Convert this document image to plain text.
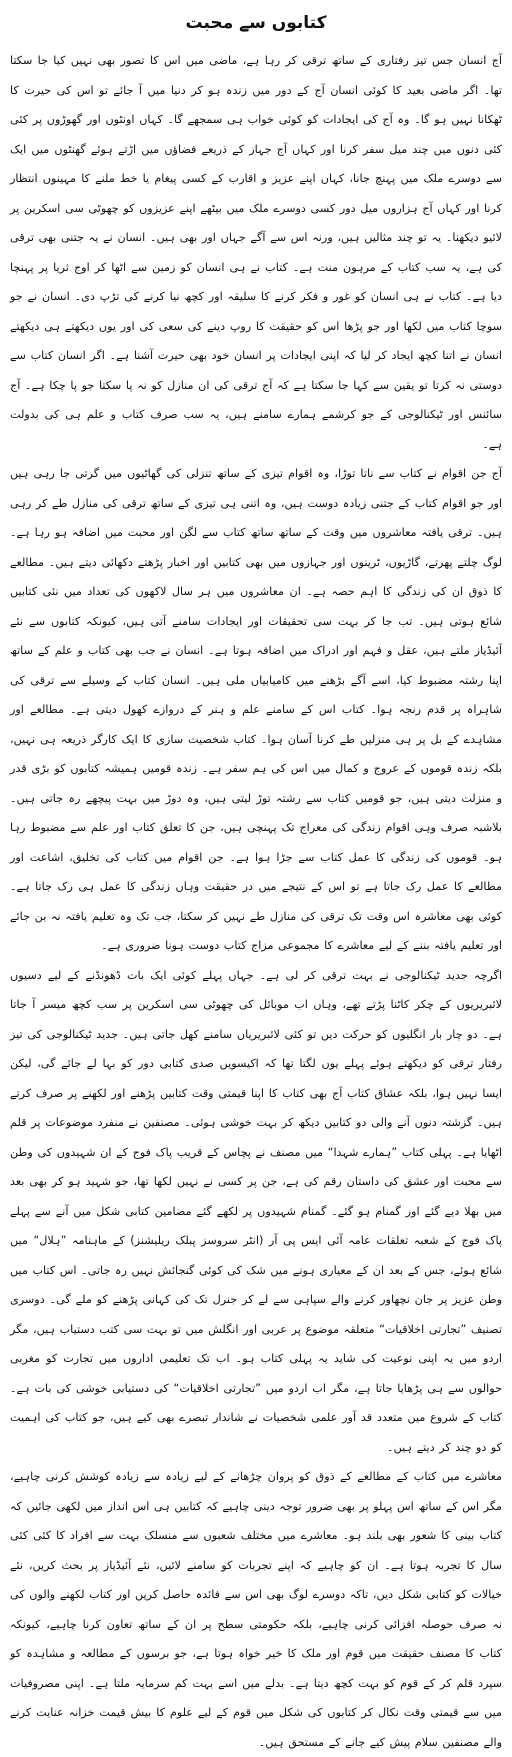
کتابوں سے محبت

آج انسان جس تیز رفتاری کے ساتھ ترقی کر رہا ہے، ماضی میں اس کا تصور بھی نہیں کیا جا سکتا تھا۔ اگر ماضی بعید کا کوئی انسان آج کے دور میں زندہ ہو کر دنیا میں آ جائے تو اس کی حیرت کا ٹھکانا نہیں ہو گا۔ وہ آج کی ایجادات کو کوئی خواب ہی سمجھے گا۔ کہاں اونٹوں اور گھوڑوں پر کئی کئی دنوں میں چند میل سفر کرنا اور کہاں آج جہاز کے ذریعے فضاؤں میں اڑتے ہوئے گھنٹوں میں ایک سے دوسرے ملک میں پہنچ جانا، کہاں اپنے عزیز و اقارب کے کسی پیغام یا خط ملنے کا مہینوں انتظار کرنا اور کہاں آج ہزاروں میل دور کسی دوسرے ملک میں بیٹھے اپنے عزیزوں کو چھوٹی سی اسکرین پر لائیو دیکھنا۔ یہ تو چند مثالیں ہیں، ورنہ اس سے آگے جہاں اور بھی ہیں۔ انسان نے یہ جتنی بھی ترقی کی ہے، یہ سب کتاب کے مرہون منت ہے۔ کتاب نے ہی انسان کو زمین سے اٹھا کر اوج ثریا پر پہنچا دیا ہے۔ کتاب نے ہی انسان کو غور و فکر کرنے کا سلیقہ اور کچھ نیا کرنے کی تڑپ دی۔ انسان نے جو سوچا کتاب میں لکھا اور جو پڑھا اس کو حقیقت کا روپ دینے کی سعی کی اور یوں دیکھتے ہی دیکھتے انسان نے اتنا کچھ ایجاد کر لیا کہ اپنی ایجادات پر انسان خود بھی حیرت آشنا ہے۔ اگر انسان کتاب سے دوستی نہ کرتا تو یقین سے کہا جا سکتا ہے کہ آج ترقی کی ان منازل کو نہ پا سکتا جو پا چکا ہے۔ آج سائنس اور ٹیکنالوجی کے جو کرشمے ہمارے سامنے ہیں، یہ سب صرف کتاب و علم ہی کی بدولت ہے۔

آج جن اقوام نے کتاب سے ناتا توڑا، وہ اقوام تیزی کے ساتھ تنزلی کی گھاٹیوں میں گرتی جا رہی ہیں اور جو اقوام کتاب کے جتنی زیادہ دوست ہیں، وہ اتنی ہی تیزی کے ساتھ ترقی کی منازل طے کر رہی ہیں۔ ترقی یافتہ معاشروں میں وقت کے ساتھ ساتھ کتاب سے لگن اور محبت میں اضافہ ہو رہا ہے۔ لوگ چلتے پھرتے، گاڑیوں، ٹرینوں اور جہازوں میں بھی کتابیں اور اخبار پڑھتے دکھائی دیتے ہیں۔ مطالعے کا ذوق ان کی زندگی کا اہم حصہ ہے۔ ان معاشروں میں ہر سال لاکھوں کی تعداد میں نئی کتابیں شائع ہوتی ہیں۔ تب جا کر بہت سی تحقیقات اور ایجادات سامنے آتی ہیں، کیونکہ کتابوں سے نئے آئیڈیاز ملتے ہیں، عقل و فہم اور ادراک میں اضافہ ہوتا ہے۔ انسان نے جب بھی کتاب و علم کے ساتھ اپنا رشتہ مضبوط کیا، اسے آگے بڑھنے میں کامیابیاں ملی ہیں۔ انسان کتاب کے وسیلے سے ترقی کی شاہراہ پر قدم رنجہ ہوا۔ کتاب اس کے سامنے علم و ہنر کے دروازے کھول دیتی ہے۔ مطالعے اور مشاہدے کے بل پر ہی منزلیں طے کرنا آسان ہوا۔ کتاب شخصیت سازی کا ایک کارگر ذریعہ ہی نہیں، بلکہ زندہ قوموں کے عروج و کمال میں اس کی ہم سفر ہے۔ زندہ قومیں ہمیشہ کتابوں کو بڑی قدر و منزلت دیتی ہیں، جو قومیں کتاب سے رشتہ توڑ لیتی ہیں، وہ دوڑ میں بہت پیچھے رہ جاتی ہیں۔ بلاشبہ صرف وہی اقوام زندگی کی معراج تک پہنچی ہیں، جن کا تعلق کتاب اور علم سے مضبوط رہا ہو۔ قوموں کی زندگی کا عمل کتاب سے جڑا ہوا ہے۔ جن اقوام میں کتاب کی تخلیق، اشاعت اور مطالعے کا عمل رک جاتا ہے تو اس کے نتیجے میں در حقیقت وہاں زندگی کا عمل ہی رک جاتا ہے۔ کوئی بھی معاشرہ اس وقت تک ترقی کی منازل طے نہیں کر سکتا، جب تک وہ تعلیم یافتہ نہ بن جائے اور تعلیم یافتہ بننے کے لیے معاشرے کا مجموعی مزاج کتاب دوست ہونا ضروری ہے۔

اگرچہ جدید ٹیکنالوجی نے بہت ترقی کر لی ہے۔ جہاں پہلے کوئی ایک بات ڈھونڈنے کے لیے دسیوں لائبریریوں کے چکر کاٹنا پڑتے تھے، وہاں اب موبائل کی چھوٹی سی اسکرین پر سب کچھ میسر آ جاتا ہے۔ دو چار بار انگلیوں کو حرکت دیں تو کئی لائبریریاں سامنے کھل جاتی ہیں۔ جدید ٹیکنالوجی کی تیز رفتار ترقی کو دیکھتے ہوئے پہلے یوں لگتا تھا کہ اکیسویں صدی کتابی دور کو بہا لے جائے گی، لیکن ایسا نہیں ہوا، بلکہ عشاق کتاب آج بھی کتاب کا اپنا قیمتی وقت کتابیں پڑھنے اور لکھنے پر صرف کرتے ہیں۔ گزشتہ دنوں آنے والی دو کتابیں دیکھ کر بہت خوشی ہوئی۔ مصنفین نے منفرد موضوعات پر قلم اٹھایا ہے۔ پہلی کتاب ”ہمارے شہدا“ میں مصنف نے پچاس کے قریب پاک فوج کے ان شہیدوں کی وطن سے محبت اور عشق کی داستان رقم کی ہے، جن پر کسی نے نہیں لکھا تھا، جو شہید ہو کر بھی بعد میں بھلا دیے گئے اور گمنام ہو گئے۔ گمنام شہیدوں پر لکھے گئے مضامین کتابی شکل میں آنے سے پہلے پاک فوج کے شعبہ تعلقات عامہ آئی ایس پی آر (انٹر سروسز پبلک ریلیشنز) کے ماہنامہ ”ہلال“ میں شائع ہوئے، جس کے بعد ان کے معیاری ہونے میں شک کی کوئی گنجائش نہیں رہ جاتی۔ اس کتاب میں وطن عزیز پر جان نچھاور کرنے والے سپاہی سے لے کر جنرل تک کی کہانی پڑھنے کو ملے گی۔ دوسری تصنیف ”تجارتی اخلاقیات“ متعلقہ موضوع پر عربی اور انگلش میں تو بہت سی کتب دستیاب ہیں، مگر اردو میں یہ اپنی نوعیت کی شاید یہ پہلی کتاب ہو۔ اب تک تعلیمی اداروں میں تجارت کو مغربی حوالوں سے ہی پڑھایا جاتا ہے، مگر اب اردو میں ”تجارتی اخلاقیات“ کی دستیابی خوشی کی بات ہے۔ کتاب کے شروع میں متعدد قد آور علمی شخصیات نے شاندار تبصرے بھی کیے ہیں، جو کتاب کی اہمیت کو دو چند کر دیتے ہیں۔

معاشرے میں کتاب کے مطالعے کے ذوق کو پروان چڑھانے کے لیے زیادہ سے زیادہ کوشش کرنی چاہیے، مگر اس کے ساتھ اس پہلو پر بھی ضرور توجہ دینی چاہیے کہ کتابیں ہی اس انداز میں لکھی جائیں کہ کتاب بینی کا شعور بھی بلند ہو۔ معاشرے میں مختلف شعبوں سے منسلک بہت سے افراد کا کئی کئی سال کا تجربہ ہوتا ہے۔ ان کو چاہیے کہ اپنے تجربات کو سامنے لائیں، نئے آئیڈیاز پر بحث کریں، نئے خیالات کو کتابی شکل دیں، تاکہ دوسرے لوگ بھی اس سے فائدہ حاصل کریں اور کتاب لکھنے والوں کی نہ صرف حوصلہ افزائی کرنی چاہیے، بلکہ حکومتی سطح پر ان کے ساتھ تعاون کرنا چاہیے، کیونکہ کتاب کا مصنف حقیقت میں قوم اور ملک کا خیر خواہ ہوتا ہے، جو برسوں کے مطالعہ و مشاہدہ کو سپرد قلم کر کے قوم کو بہت کچھ دیتا ہے۔ بدلے میں اسے بہت کم سرمایہ ملتا ہے۔ اپنی مصروفیات میں سے قیمتی وقت نکال کر کتابوں کی شکل میں قوم کے لیے علوم کا بیش قیمت خزانہ عنایت کرنے والے مصنفین سلام پیش کیے جانے کے مستحق ہیں۔
